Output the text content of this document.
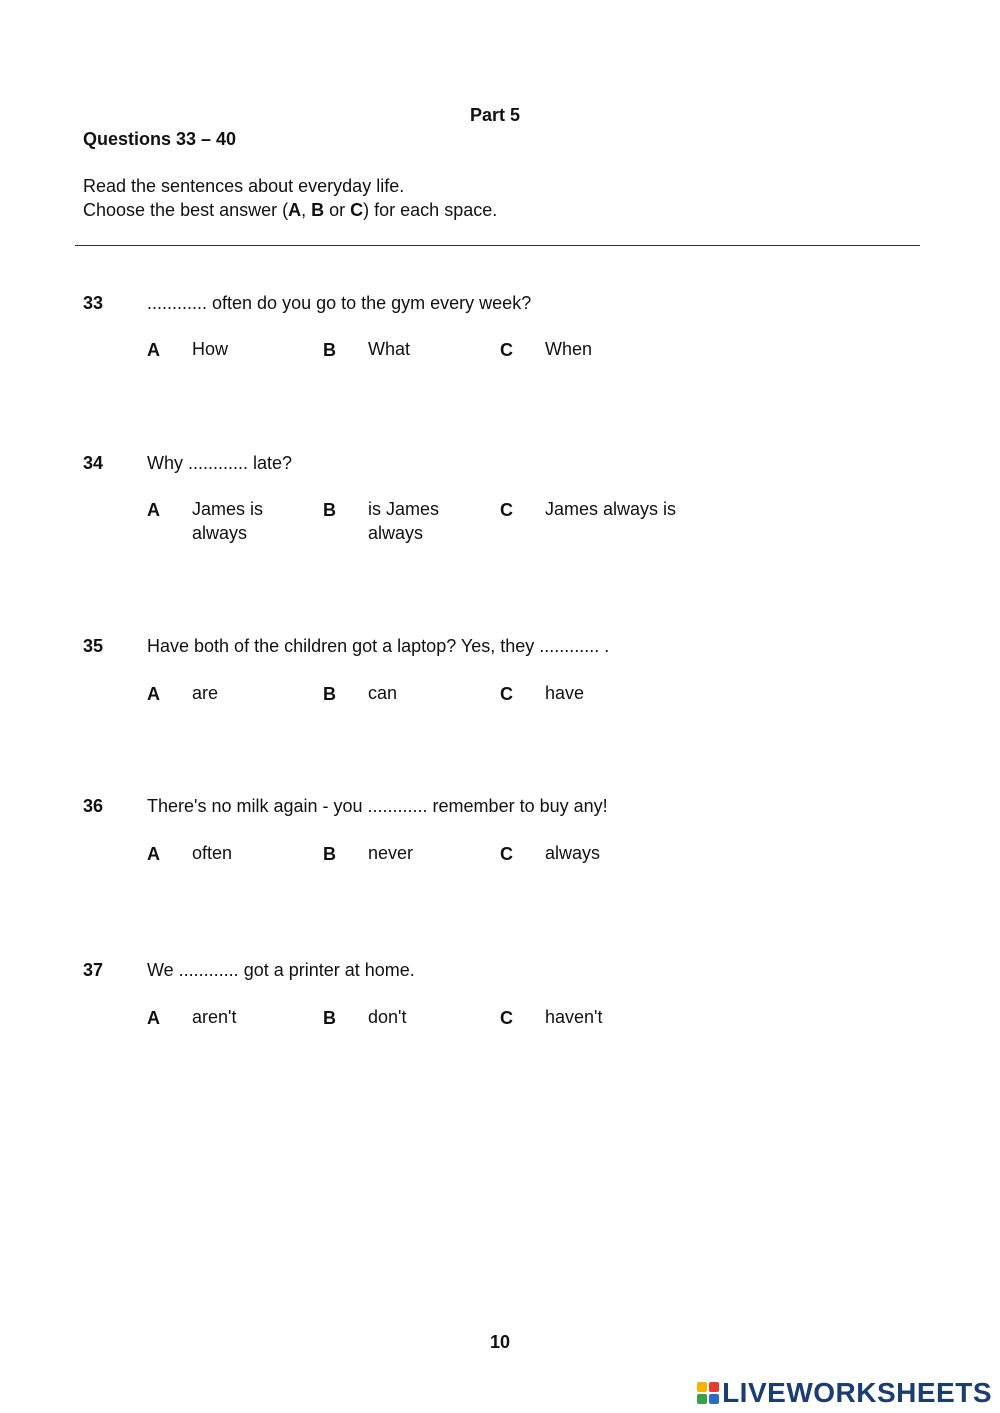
Part 5
Questions 33 – 40
Read the sentences about everyday life.
Choose the best answer (A, B or C) for each space.
33 ............ often do you go to the gym every week?
A How	B What	C When
34 Why ............ late?
A James is always
B is James always
C James always is
35 Have both of the children got a laptop? Yes, they ............ .
A are	B can	C have
36 There's no milk again - you ............ remember to buy any!
A often	B never	C always
37 We ............ got a printer at home.
A aren't	B don't	C haven't
10
LIVEWORKSHEETS
